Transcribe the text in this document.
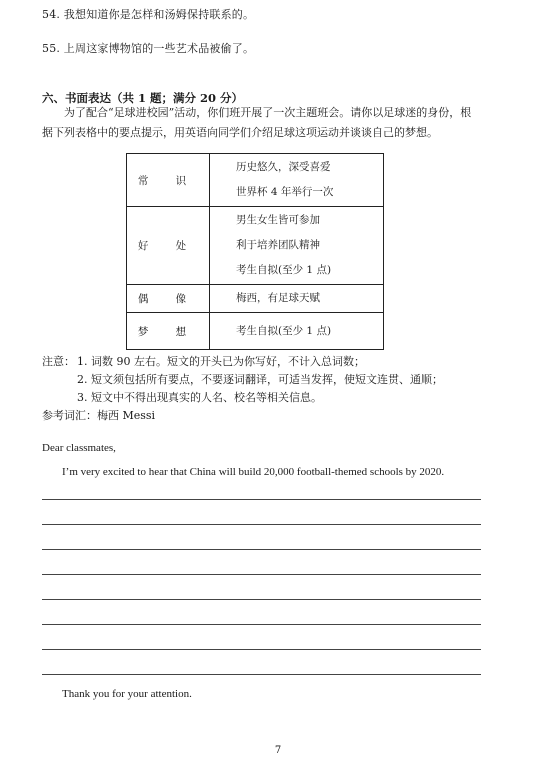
54. 我想知道你是怎样和汤姆保持联系的。
55. 上周这家博物馆的一些艺术品被偷了。
六、书面表达（共 1 题；满分 20 分）
为了配合“足球进校园”活动，你们班开展了一次主题班会。请你以足球迷的身份，根据下列表格中的要点提示，用英语向同学们介绍足球这项运动并谈谈自己的梦想。
常 识	历史悠久，深受喜爱
世界杯 4 年举行一次

好 处	男生女生皆可参加
利于培养团队精神
考生自拟(至少 1 点)

偶 像	梅西，有足球天赋

梦 想	考生自拟(至少 1 点)
注意： 1. 词数 90 左右。短文的开头已为你写好，不计入总词数；
2. 短文须包括所有要点，不要逐词翻译，可适当发挥，使短文连贯、通顺；
3. 短文中不得出现真实的人名、校名等相关信息。
参考词汇：梅西 Messi
Dear classmates,
I’m very excited to hear that China will build 20,000 football-themed schools by 2020.
Thank you for your attention.
7
